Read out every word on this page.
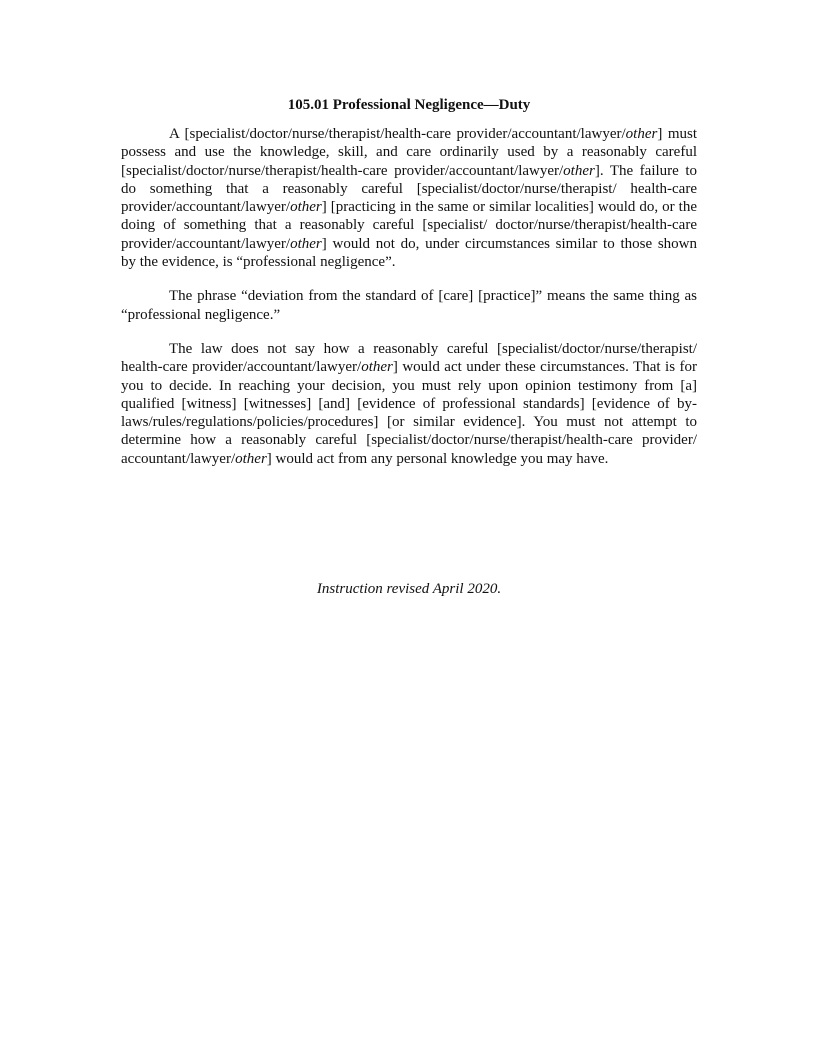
105.01 Professional Negligence—Duty

A [specialist/doctor/nurse/therapist/health-care provider/accountant/lawyer/other] must possess and use the knowledge, skill, and care ordinarily used by a reasonably careful [specialist/doctor/nurse/therapist/health-care provider/accountant/lawyer/other]. The failure to do something that a reasonably careful [specialist/doctor/nurse/therapist/ health-care provider/accountant/lawyer/other] [practicing in the same or similar localities] would do, or the doing of something that a reasonably careful [specialist/ doctor/nurse/therapist/health-care provider/accountant/lawyer/other] would not do, under circumstances similar to those shown by the evidence, is “professional negligence”.

The phrase “deviation from the standard of [care] [practice]” means the same thing as “professional negligence.”

The law does not say how a reasonably careful [specialist/doctor/nurse/therapist/ health-care provider/accountant/lawyer/other] would act under these circumstances. That is for you to decide. In reaching your decision, you must rely upon opinion testimony from [a] qualified [witness] [witnesses] [and] [evidence of professional standards] [evidence of by-laws/rules/regulations/policies/procedures] [or similar evidence]. You must not attempt to determine how a reasonably careful [specialist/doctor/nurse/therapist/health-care provider/ accountant/lawyer/other] would act from any personal knowledge you may have.

Instruction revised April 2020.
